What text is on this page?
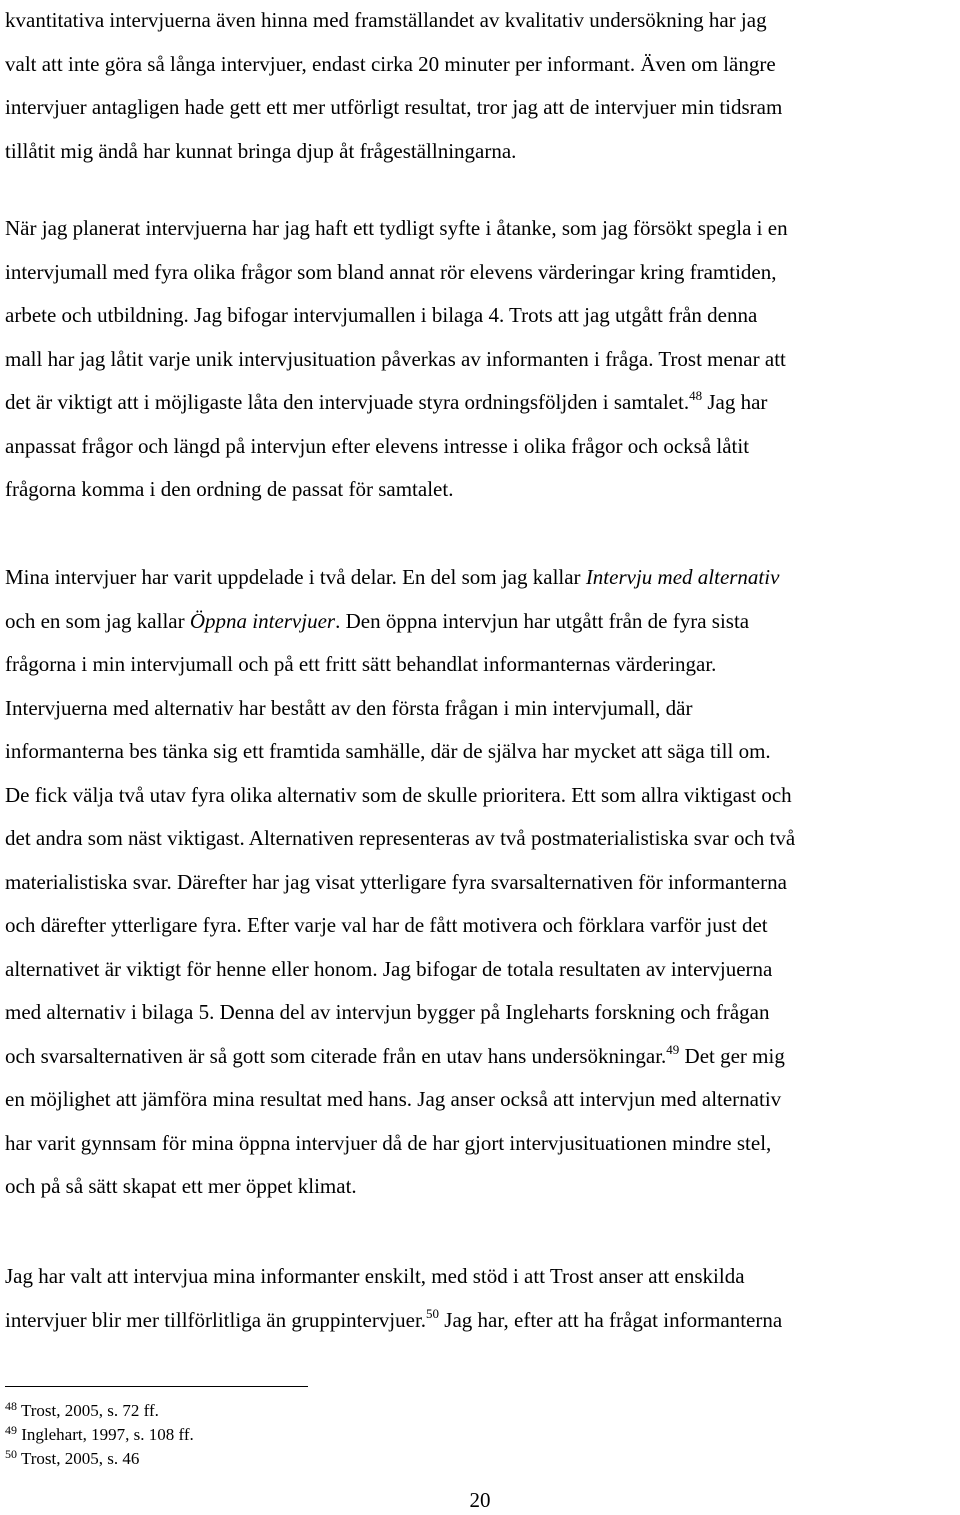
kvantitativa intervjuerna även hinna med framställandet av kvalitativ undersökning har jag
valt att inte göra så långa intervjuer, endast cirka 20 minuter per informant. Även om längre
intervjuer antagligen hade gett ett mer utförligt resultat, tror jag att de intervjuer min tidsram
tillåtit mig ändå har kunnat bringa djup åt frågeställningarna.
När jag planerat intervjuerna har jag haft ett tydligt syfte i åtanke, som jag försökt spegla i en
intervjumall med fyra olika frågor som bland annat rör elevens värderingar kring framtiden,
arbete och utbildning. Jag bifogar intervjumallen i bilaga 4. Trots att jag utgått från denna
mall har jag låtit varje unik intervjusituation påverkas av informanten i fråga. Trost menar att
det är viktigt att i möjligaste låta den intervjuade styra ordningsföljden i samtalet.$^{48}$ Jag har
anpassat frågor och längd på intervjun efter elevens intresse i olika frågor och också låtit
frågorna komma i den ordning de passat för samtalet.
Mina intervjuer har varit uppdelade i två delar. En del som jag kallar Intervju med alternativ
och en som jag kallar Öppna intervjuer. Den öppna intervjun har utgått från de fyra sista
frågorna i min intervjumall och på ett fritt sätt behandlat informanternas värderingar.
Intervjuerna med alternativ har bestått av den första frågan i min intervjumall, där
informanterna bes tänka sig ett framtida samhälle, där de själva har mycket att säga till om.
De fick välja två utav fyra olika alternativ som de skulle prioritera. Ett som allra viktigast och
det andra som näst viktigast. Alternativen representeras av två postmaterialistiska svar och två
materialistiska svar. Därefter har jag visat ytterligare fyra svarsalternativen för informanterna
och därefter ytterligare fyra. Efter varje val har de fått motivera och förklara varför just det
alternativet är viktigt för henne eller honom. Jag bifogar de totala resultaten av intervjuerna
med alternativ i bilaga 5. Denna del av intervjun bygger på Ingleharts forskning och frågan
och svarsalternativen är så gott som citerade från en utav hans undersökningar.$^{49}$ Det ger mig
en möjlighet att jämföra mina resultat med hans. Jag anser också att intervjun med alternativ
har varit gynnsam för mina öppna intervjuer då de har gjort intervjusituationen mindre stel,
och på så sätt skapat ett mer öppet klimat.
Jag har valt att intervjua mina informanter enskilt, med stöd i att Trost anser att enskilda
intervjuer blir mer tillförlitliga än gruppintervjuer.$^{50}$ Jag har, efter att ha frågat informanterna
$^{48}$ Trost, 2005, s. 72 ff.
$^{49}$ Inglehart, 1997, s. 108 ff.
$^{50}$ Trost, 2005, s. 46
20
